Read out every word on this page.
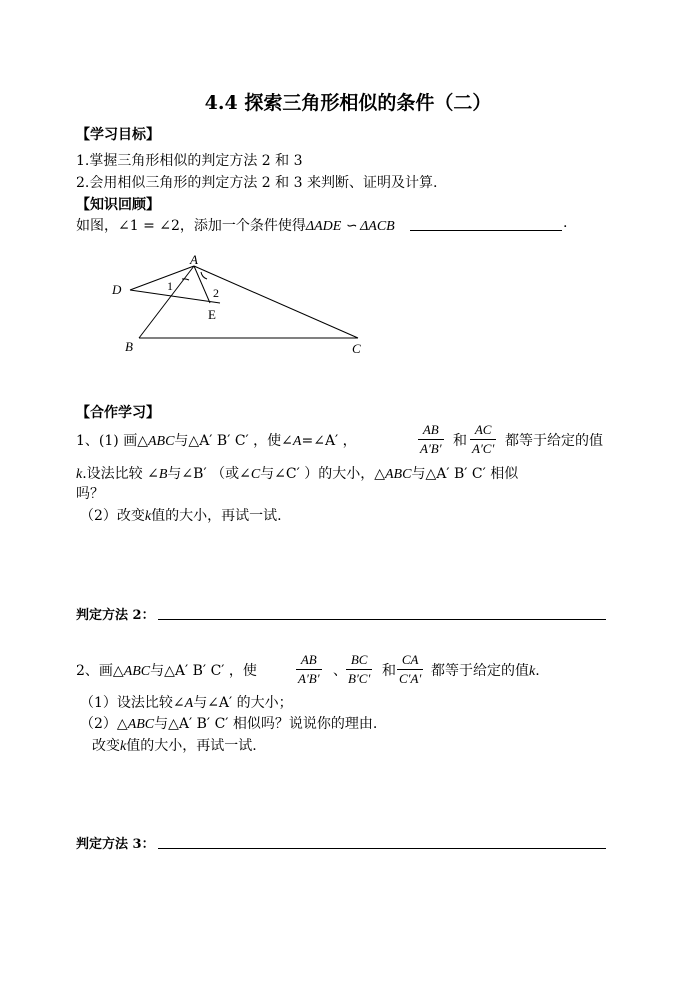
4.4 探索三角形相似的条件（二）
【学习目标】
1.掌握三角形相似的判定方法 2 和 3
2.会用相似三角形的判定方法 2 和 3 来判断、证明及计算.
【知识回顾】
如图，∠1 = ∠2，添加一个条件使得ΔADE ∽ ΔACB	.
A
D
E
B	C
1	2
【合作学习】
1、(1) 画△ABC与△A′ B′ C′ ，使∠A=∠A′ ，	$\frac{AB}{A'B'}$ 和 $\frac{AC}{A'C'}$ 都等于给定的值
k.设法比较 ∠B与∠B′ （或∠C与∠C′ ）的大小，△ABC与△A′ B′ C′ 相似
吗？
（2）改变k值的大小，再试一试.
判定方法 2：
2、画△ABC与△A′ B′ C′ ，使	$\frac{AB}{A'B'}$ 、 $\frac{BC}{B'C'}$ 和 $\frac{CA}{C'A'}$ 都等于给定的值k.
（1）设法比较∠A与∠A′ 的大小；
（2）△ABC与△A′ B′ C′ 相似吗？说说你的理由.
改变k值的大小，再试一试.
判定方法 3：
